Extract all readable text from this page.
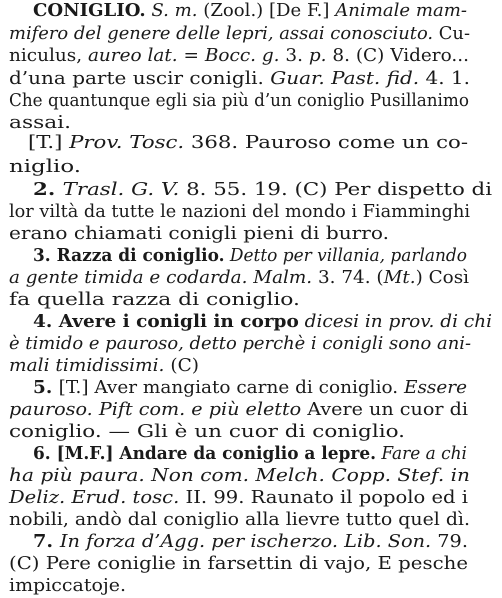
CONIGLIO. S. m. (Zool.) [De F.] Animale mam-
mifero del genere delle lepri, assai conosciuto. Cu-
niculus, aureo lat. = Bocc. g. 3. p. 8. (C) Videro...
d’una parte uscir conigli. Guar. Past. fid. 4. 1.
Che quantunque egli sia più d’un coniglio Pusillanimo
assai.
[T.] Prov. Tosc. 368. Pauroso come un co-
niglio.
2. Trasl. G. V. 8. 55. 19. (C) Per dispetto di
lor viltà da tutte le nazioni del mondo i Fiamminghi
erano chiamati conigli pieni di burro.
3. Razza di coniglio. Detto per villania, parlando
a gente timida e codarda. Malm. 3. 74. (Mt.) Così
fa quella razza di coniglio.
4. Avere i conigli in corpo dicesi in prov. di chi
è timido e pauroso, detto perchè i conigli sono ani-
mali timidissimi. (C)
5. [T.] Aver mangiato carne di coniglio. Essere
pauroso. Pift com. e più eletto Avere un cuor di
coniglio. — Gli è un cuor di coniglio.
6. [M.F.] Andare da coniglio a lepre. Fare a chi
ha più paura. Non com. Melch. Copp. Stef. in
Deliz. Erud. tosc. II. 99. Raunato il popolo ed i
nobili, andò dal coniglio alla lievre tutto quel dì.
7. In forza d’Agg. per ischerzo. Lib. Son. 79.
(C) Pere coniglie in farsettin di vajo, E pesche
impiccatoje.
